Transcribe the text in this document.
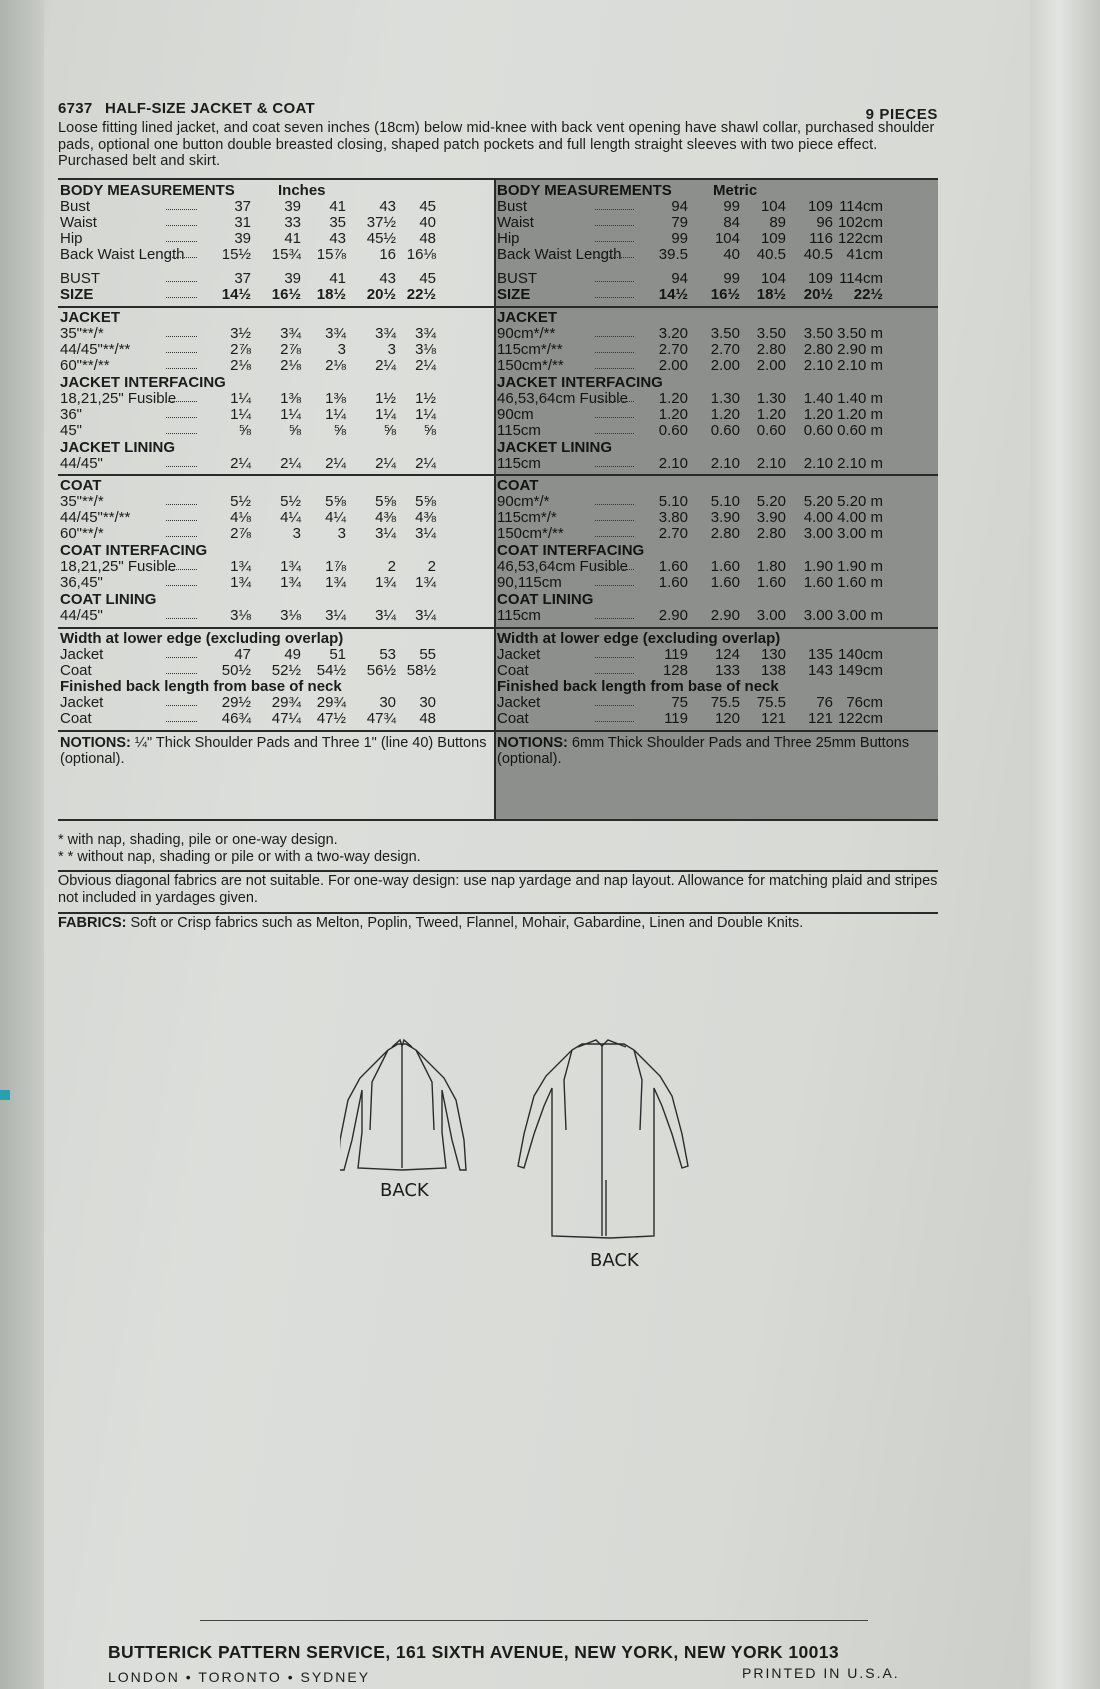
6737 HALF-SIZE JACKET & COAT	9 PIECES
Loose fitting lined jacket, and coat seven inches (18cm) below mid-knee with back vent opening have shawl collar, purchased shoulder pads, optional one button double breasted closing, shaped patch pockets and full length straight sleeves with two piece effect. Purchased belt and skirt.
BODY MEASUREMENTS	Inches
Bust	37	39	41	43	45
Waist	31	33	35	37½	40
Hip	39	41	43	45½	48
Back Waist Length	15½	15¾	15⅞	16 16⅛
BUST	37	39	41	43	45
SIZE	14½	16½	18½	20½ 22½
JACKET
35"**/*	3½	3¾	3¾	3¾	3¾
44/45"**/**	2⅞	2⅞	3	3	3⅛
60"**/**	2⅛	2⅛	2⅛	2¼	2¼
JACKET INTERFACING
18,21,25" Fusible	1¼	1⅜	1⅜	1½	1½
36"	1¼	1¼	1¼	1¼	1¼
45"	⅝	⅝	⅝	⅝	⅝
JACKET LINING
44/45"	2¼	2¼	2¼	2¼	2¼
COAT
35"**/*	5½	5½	5⅝	5⅝	5⅝
44/45"**/**	4⅛	4¼	4¼	4⅜	4⅜
60"**/*	2⅞	3	3	3¼	3¼
COAT INTERFACING
18,21,25" Fusible	1¾	1¾	1⅞	2	2
36,45"	1¾	1¾	1¾	1¾	1¾
COAT LINING
44/45"	3⅛	3⅛	3¼	3¼	3¼
Width at lower edge (excluding overlap)
Jacket	47	49	51	53	55
Coat	50½	52½	54½	56½ 58½
Finished back length from base of neck
Jacket	29½	29¾	29¾	30	30
Coat	46¾	47¼	47½	47¾	48
NOTIONS: ¼" Thick Shoulder Pads and Three 1" (line 40) Buttons (optional).
BODY MEASUREMENTS	Metric
Bust	94	99	104	109 114cm
Waist	79	84	89	96 102cm
Hip	99	104	109	116 122cm
Back Waist Length	39.5	40	40.5	40.5 41cm
BUST	94	99	104	109 114cm
SIZE	14½	16½	18½	20½	22½
JACKET
90cm*/**	3.20	3.50	3.50	3.50 3.50 m
115cm*/**	2.70	2.70	2.80	2.80 2.90 m
150cm*/**	2.00	2.00	2.00	2.10 2.10 m
JACKET INTERFACING
46,53,64cm Fusible	1.20	1.30	1.30	1.40 1.40 m
90cm	1.20	1.20	1.20	1.20 1.20 m
115cm	0.60	0.60	0.60	0.60 0.60 m
JACKET LINING
115cm	2.10	2.10	2.10	2.10 2.10 m
COAT
90cm*/*	5.10	5.10	5.20	5.20 5.20 m
115cm*/*	3.80	3.90	3.90	4.00 4.00 m
150cm*/**	2.70	2.80	2.80	3.00 3.00 m
COAT INTERFACING
46,53,64cm Fusible	1.60	1.60	1.80	1.90 1.90 m
90,115cm	1.60	1.60	1.60	1.60 1.60 m
COAT LINING
115cm	2.90	2.90	3.00	3.00 3.00 m
Width at lower edge (excluding overlap)
Jacket	119	124	130	135 140cm
Coat	128	133	138	143 149cm
Finished back length from base of neck
Jacket	75	75.5	75.5	76 76cm
Coat	119	120	121	121 122cm
NOTIONS: 6mm Thick Shoulder Pads and Three 25mm Buttons (optional).
* with nap, shading, pile or one-way design.
* * without nap, shading or pile or with a two-way design.
Obvious diagonal fabrics are not suitable. For one-way design: use nap yardage and nap layout. Allowance for matching plaid and stripes not included in yardages given.
FABRICS: Soft or Crisp fabrics such as Melton, Poplin, Tweed, Flannel, Mohair, Gabardine, Linen and Double Knits.
BACK
BACK
BUTTERICK PATTERN SERVICE, 161 SIXTH AVENUE, NEW YORK, NEW YORK 10013
LONDON • TORONTO • SYDNEY	PRINTED IN U.S.A.
